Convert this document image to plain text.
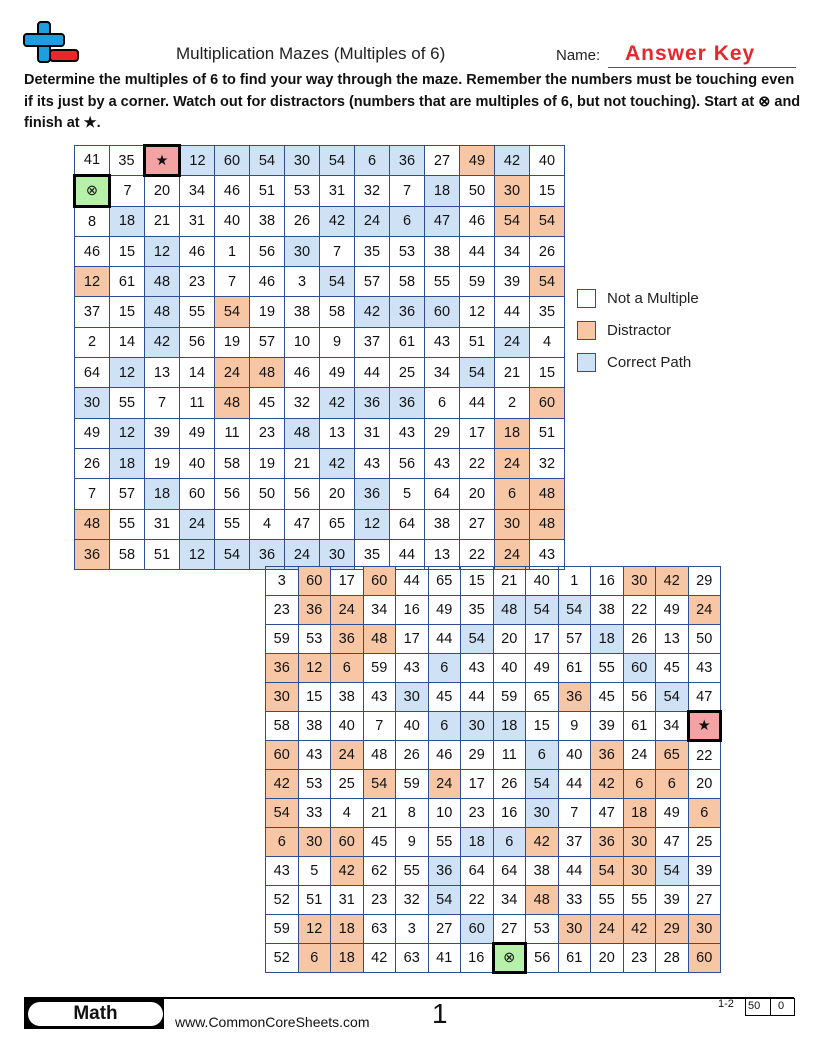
Multiplication Mazes (Multiples of 6)	Name: Answer Key
Determine the multiples of 6 to find your way through the maze. Remember the numbers must be touching even if its just by a corner. Watch out for distractors (numbers that are multiples of 6, but not touching). Start at ⊗ and finish at ★.
41	35	★	12	60	54	30	54	6	36	27	49	42	40
⊗	7	20	34	46	51	53	31	32	7	18	50	30	15
8	18	21	31	40	38	26	42	24	6	47	46	54	54
46	15	12	46	1	56	30	7	35	53	38	44	34	26
12	61	48	23	7	46	3	54	57	58	55	59	39	54
37	15	48	55	54	19	38	58	42	36	60	12	44	35
2	14	42	56	19	57	10	9	37	61	43	51	24	4
64	12	13	14	24	48	46	49	44	25	34	54	21	15
30	55	7	11	48	45	32	42	36	36	6	44	2	60
49	12	39	49	11	23	48	13	31	43	29	17	18	51
26	18	19	40	58	19	21	42	43	56	43	22	24	32
7	57	18	60	56	50	56	20	36	5	64	20	6	48
48	55	31	24	55	4	47	65	12	64	38	27	30	48
36	58	51	12	54	36	24	30	35	44	13	22	24	43
3	60	17	60	44	65	15	21	40	1	16	30	42	29
23	36	24	34	16	49	35	48	54	54	38	22	49	24
59	53	36	48	17	44	54	20	17	57	18	26	13	50
36	12	6	59	43	6	43	40	49	61	55	60	45	43
30	15	38	43	30	45	44	59	65	36	45	56	54	47
58	38	40	7	40	6	30	18	15	9	39	61	34	★
60	43	24	48	26	46	29	11	6	40	36	24	65	22
42	53	25	54	59	24	17	26	54	44	42	6	6	20
54	33	4	21	8	10	23	16	30	7	47	18	49	6
6	30	60	45	9	55	18	6	42	37	36	30	47	25
43	5	42	62	55	36	64	64	38	44	54	30	54	39
52	51	31	23	32	54	22	34	48	33	55	55	39	27
59	12	18	63	3	27	60	27	53	30	24	42	29	30
52	6	18	42	63	41	16	⊗	56	61	20	23	28	60
Not a Multiple
Distractor
Correct Path
Math	www.CommonCoreSheets.com 1	1-2 50 0
